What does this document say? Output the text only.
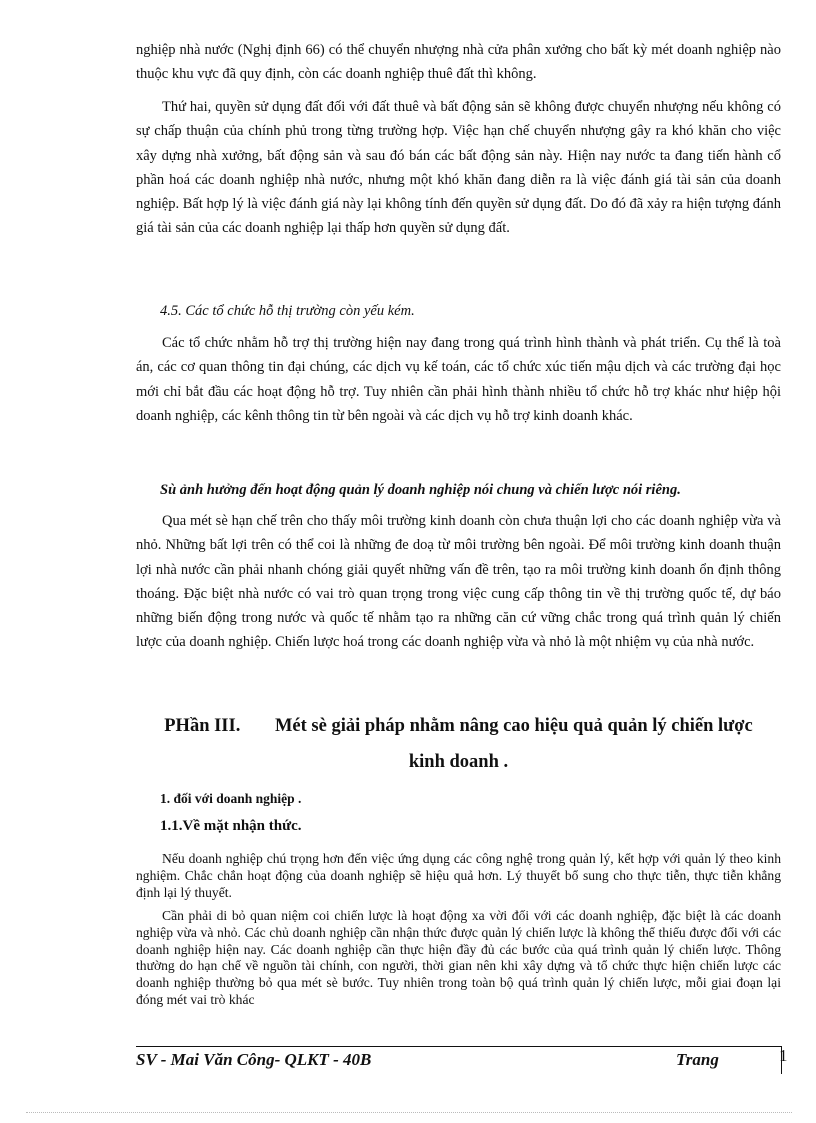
nghiệp nhà nước (Nghị định 66) có thể chuyển nhượng nhà cửa phân xưởng cho bất kỳ mét doanh nghiệp nào thuộc khu vực đã quy định, còn các doanh nghiệp thuê đất thì không.

Thứ hai, quyền sử dụng đất đối với đất thuê và bất động sản sẽ không được chuyển nhượng nếu không có sự chấp thuận của chính phủ trong từng trường hợp. Việc hạn chế chuyển nhượng gây ra khó khăn cho việc xây dựng nhà xưởng, bất động sản và sau đó bán các bất động sản này. Hiện nay nước ta đang tiến hành cổ phần hoá các doanh nghiệp nhà nước, nhưng một khó khăn đang diễn ra là việc đánh giá tài sản của doanh nghiệp. Bất hợp lý là việc đánh giá này lại không tính đến quyền sử dụng đất. Do đó đã xảy ra hiện tượng đánh giá tài sản của các doanh nghiệp lại thấp hơn quyền sử dụng đất.

4.5. Các tổ chức hỗ thị trường còn yếu kém.

Các tổ chức nhằm hỗ trợ thị trường hiện nay đang trong quá trình hình thành và phát triển. Cụ thể là toà án, các cơ quan thông tin đại chúng, các dịch vụ kế toán, các tổ chức xúc tiến mậu dịch và các trường đại học mới chỉ bắt đầu các hoạt động hỗ trợ. Tuy nhiên cần phải hình thành nhiều tổ chức hỗ trợ khác như hiệp hội doanh nghiệp, các kênh thông tin từ bên ngoài và các dịch vụ hỗ trợ kinh doanh khác.

Sù ảnh hưởng đến hoạt động quản lý doanh nghiệp nói chung và chiến lược nói riêng.

Qua mét sè hạn chế trên cho thấy môi trường kinh doanh còn chưa thuận lợi cho các doanh nghiệp vừa và nhỏ. Những bất lợi trên có thể coi là những đe doạ từ môi trường bên ngoài. Để môi trường kinh doanh thuận lợi nhà nước cần phải nhanh chóng giải quyết những vấn đề trên, tạo ra môi trường kinh doanh ổn định thông thoáng. Đặc biệt nhà nước có vai trò quan trọng trong việc cung cấp thông tin về thị trường quốc tế, dự báo những biến động trong nước và quốc tế nhằm tạo ra những căn cứ vững chắc trong quá trình quản lý chiến lược của doanh nghiệp. Chiến lược hoá trong các doanh nghiệp vừa và nhỏ là một nhiệm vụ của nhà nước.

PHần III. Mét sè giải pháp nhằm nâng cao hiệu quả quản lý chiến lược
kinh doanh .

1. đối với doanh nghiệp .

1.1.Về mặt nhận thức.

Nếu doanh nghiệp chú trọng hơn đến việc ứng dụng các công nghệ trong quản lý, kết hợp với quản lý theo kinh nghiệm. Chắc chắn hoạt động của doanh nghiệp sẽ hiệu quả hơn. Lý thuyết bổ sung cho thực tiễn, thực tiễn khẳng định lại lý thuyết.

Cần phải di bỏ quan niệm coi chiến lược là hoạt động xa vời đối với các doanh nghiệp, đặc biệt là các doanh nghiệp vừa và nhỏ. Các chủ doanh nghiệp cần nhận thức được quản lý chiến lược là không thể thiếu được đối với các doanh nghiệp hiện nay. Các doanh nghiệp cần thực hiện đầy đủ các bước của quá trình quản lý chiến lược. Thông thường do hạn chế về nguồn tài chính, con người, thời gian nên khi xây dựng và tổ chức thực hiện chiến lược các doanh nghiệp thường bỏ qua mét sè bước. Tuy nhiên trong toàn bộ quá trình quản lý chiến lược, mỗi giai đoạn lại đóng mét vai trò khác

SV - Mai Văn Công- QLKT - 40B	Trang	1
